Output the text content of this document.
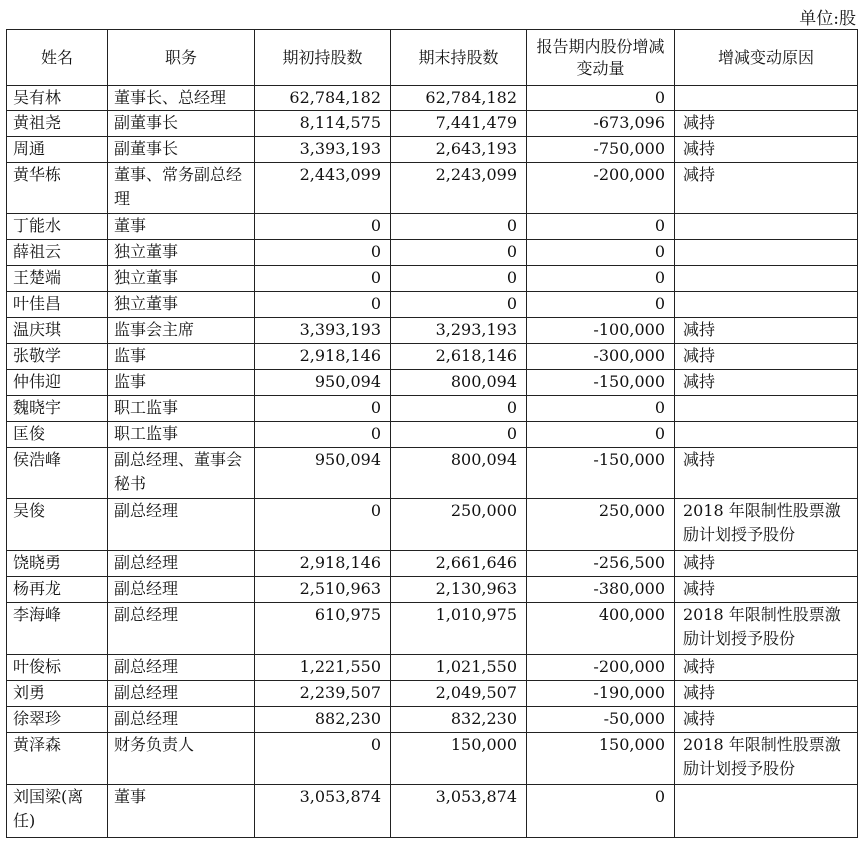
单位:股
姓名	职务	期初持股数	期末持股数	报告期内股份增减变动量	增减变动原因
吴有林	董事长、总经理	62,784,182	62,784,182	0	
黄祖尧	副董事长	8,114,575	7,441,479	-673,096	减持
周通	副董事长	3,393,193	2,643,193	-750,000	减持
黄华栋	董事、常务副总经理	2,443,099	2,243,099	-200,000	减持
丁能水	董事	0	0	0	
薛祖云	独立董事	0	0	0	
王楚端	独立董事	0	0	0	
叶佳昌	独立董事	0	0	0	
温庆琪	监事会主席	3,393,193	3,293,193	-100,000	减持
张敬学	监事	2,918,146	2,618,146	-300,000	减持
仲伟迎	监事	950,094	800,094	-150,000	减持
魏晓宇	职工监事	0	0	0	
匡俊	职工监事	0	0	0	
侯浩峰	副总经理、董事会秘书	950,094	800,094	-150,000	减持
吴俊	副总经理	0	250,000	250,000	2018 年限制性股票激励计划授予股份
饶晓勇	副总经理	2,918,146	2,661,646	-256,500	减持
杨再龙	副总经理	2,510,963	2,130,963	-380,000	减持
李海峰	副总经理	610,975	1,010,975	400,000	2018 年限制性股票激励计划授予股份
叶俊标	副总经理	1,221,550	1,021,550	-200,000	减持
刘勇	副总经理	2,239,507	2,049,507	-190,000	减持
徐翠珍	副总经理	882,230	832,230	-50,000	减持
黄泽森	财务负责人	0	150,000	150,000	2018 年限制性股票激励计划授予股份
刘国梁(离任)	董事	3,053,874	3,053,874	0	
